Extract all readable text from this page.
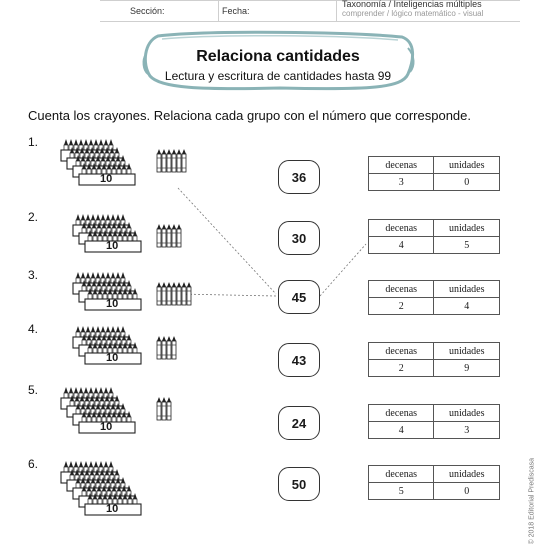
Sección:	Fecha:
Taxonomía / Inteligencias múltiples
comprender / lógico matemático - visual
Relaciona cantidades
Lectura y escritura de cantidades hasta 99
Cuenta los crayones. Relaciona cada grupo con el número que corresponde.
1.
10	36
decenas	unidades
3	0
2.
10
30
decenas	unidades
4	5
3.
10	45
decenas	unidades
2	4
4.
10	43
decenas	unidades
2	9
5.
10	24
decenas	unidades
4	3
6.
10
50
decenas	unidades
5	0	© 2018 Editorial Prediscasa
